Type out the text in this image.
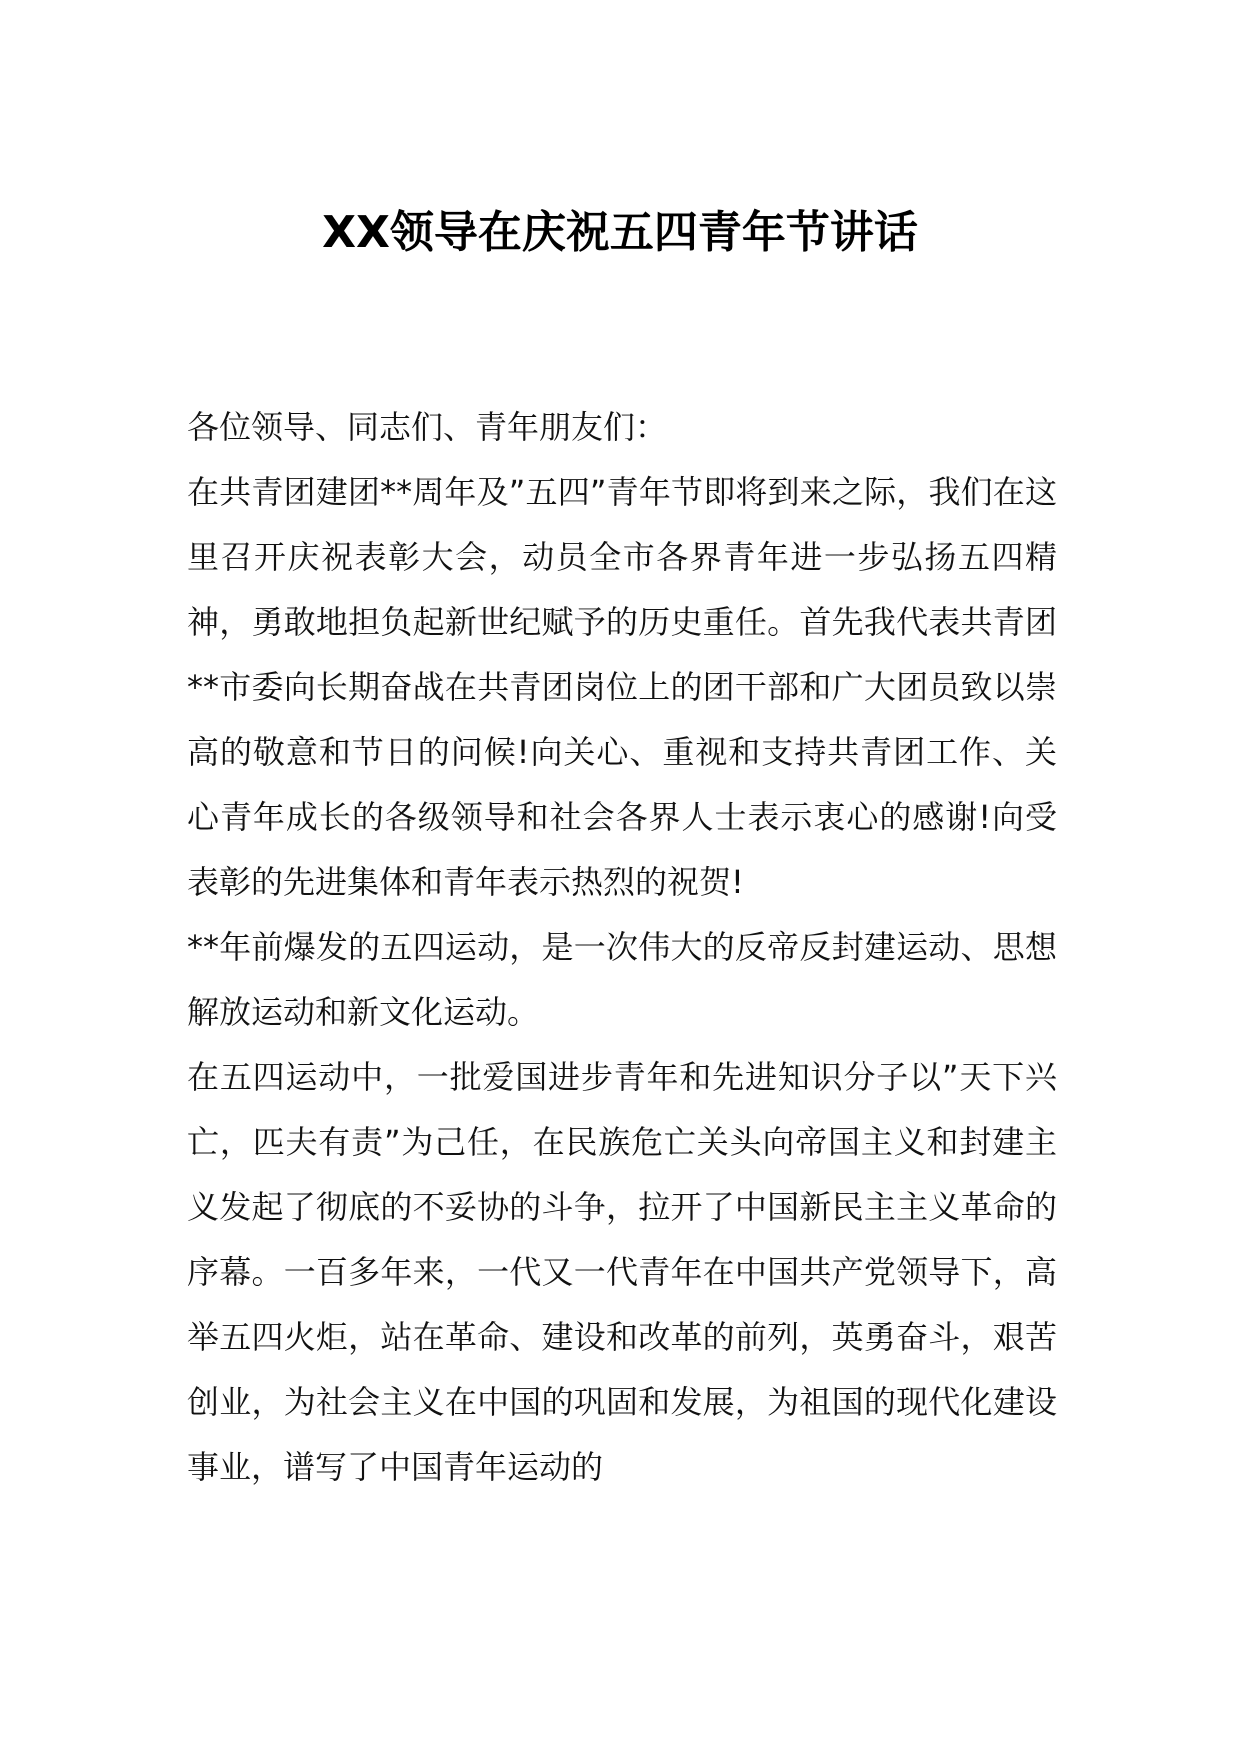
XX领导在庆祝五四青年节讲话

各位领导、同志们、青年朋友们：

在共青团建团**周年及”五四”青年节即将到来之际，我们在这里召开庆祝表彰大会，动员全市各界青年进一步弘扬五四精神，勇敢地担负起新世纪赋予的历史重任。首先我代表共青团**市委向长期奋战在共青团岗位上的团干部和广大团员致以崇高的敬意和节日的问候!向关心、重视和支持共青团工作、关心青年成长的各级领导和社会各界人士表示衷心的感谢!向受表彰的先进集体和青年表示热烈的祝贺!

**年前爆发的五四运动，是一次伟大的反帝反封建运动、思想解放运动和新文化运动。

在五四运动中，一批爱国进步青年和先进知识分子以”天下兴亡，匹夫有责”为己任，在民族危亡关头向帝国主义和封建主义发起了彻底的不妥协的斗争，拉开了中国新民主主义革命的序幕。一百多年来，一代又一代青年在中国共产党领导下，高举五四火炬，站在革命、建设和改革的前列，英勇奋斗，艰苦创业，为社会主义在中国的巩固和发展，为祖国的现代化建设事业，谱写了中国青年运动的
